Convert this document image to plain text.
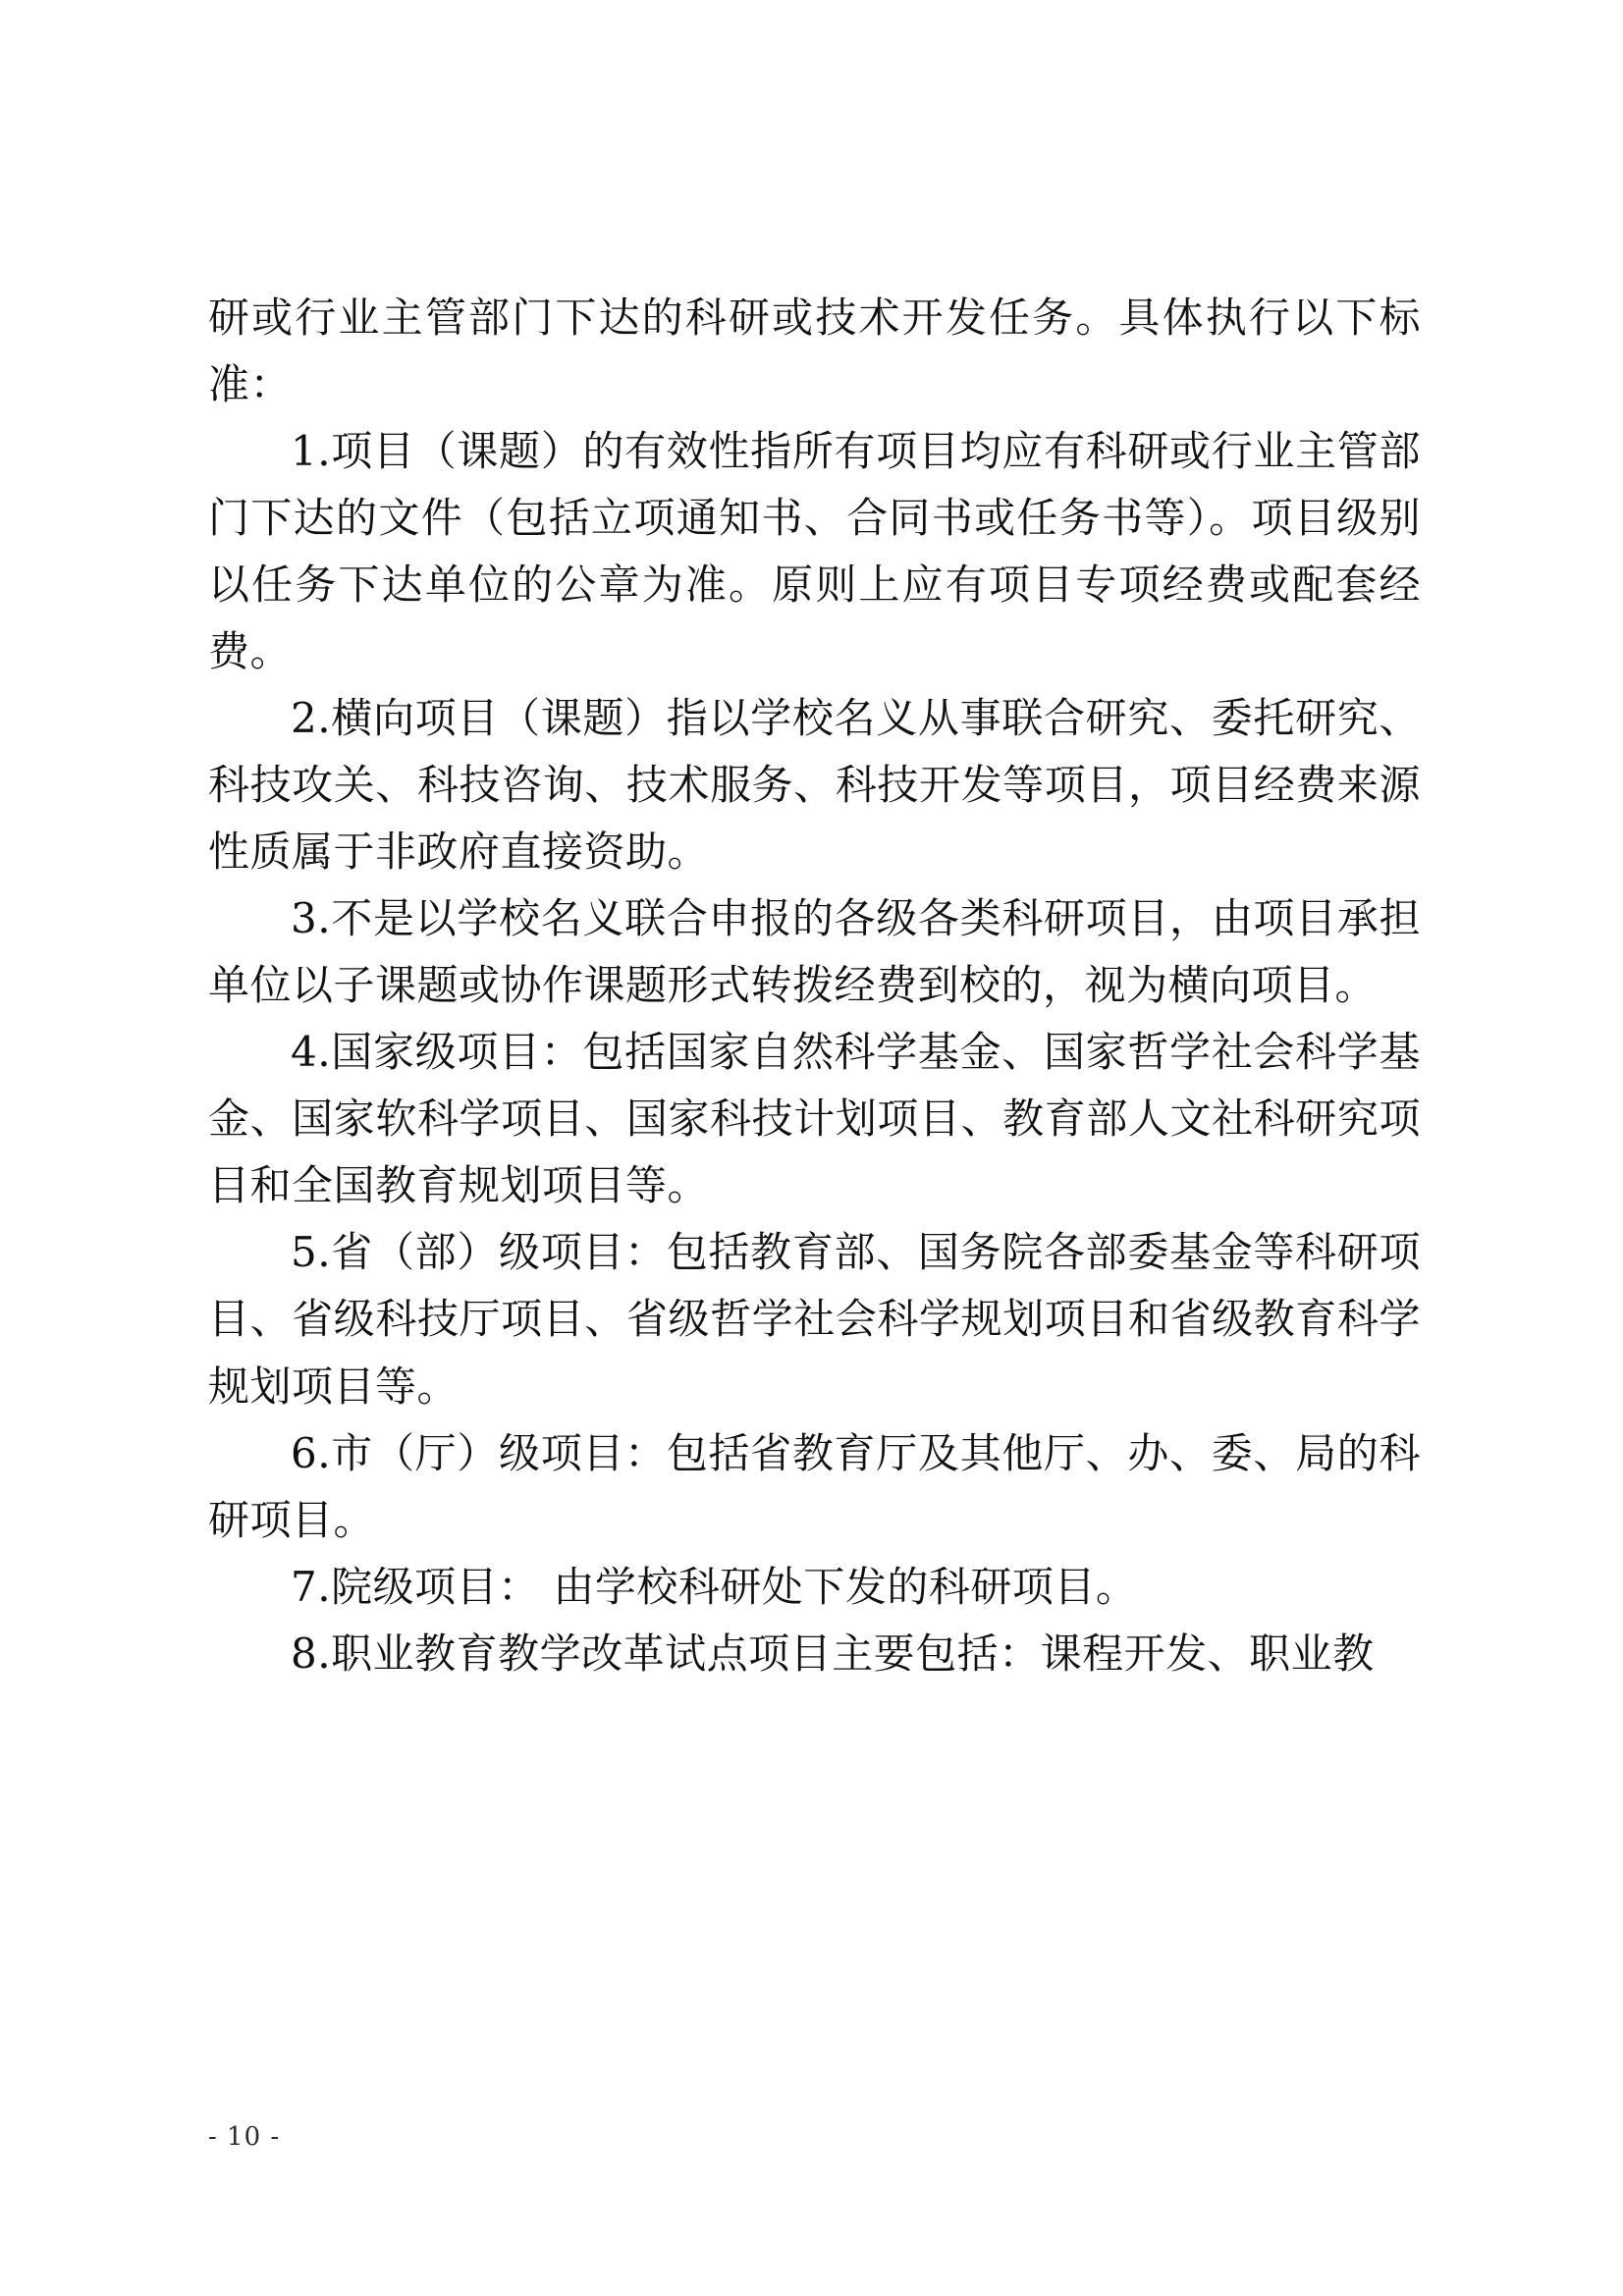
研或行业主管部门下达的科研或技术开发任务。具体执行以下标准：

1.项目（课题）的有效性指所有项目均应有科研或行业主管部门下达的文件（包括立项通知书、合同书或任务书等）。项目级别以任务下达单位的公章为准。原则上应有项目专项经费或配套经费。

2.横向项目（课题）指以学校名义从事联合研究、委托研究、科技攻关、科技咨询、技术服务、科技开发等项目，项目经费来源性质属于非政府直接资助。

3.不是以学校名义联合申报的各级各类科研项目，由项目承担单位以子课题或协作课题形式转拨经费到校的，视为横向项目。

4.国家级项目：包括国家自然科学基金、国家哲学社会科学基金、国家软科学项目、国家科技计划项目、教育部人文社科研究项目和全国教育规划项目等。

5.省（部）级项目：包括教育部、国务院各部委基金等科研项目、省级科技厅项目、省级哲学社会科学规划项目和省级教育科学规划项目等。

6.市（厅）级项目：包括省教育厅及其他厅、办、委、局的科研项目。

7.院级项目： 由学校科研处下发的科研项目。

8.职业教育教学改革试点项目主要包括：课程开发、职业教

- 10 -
